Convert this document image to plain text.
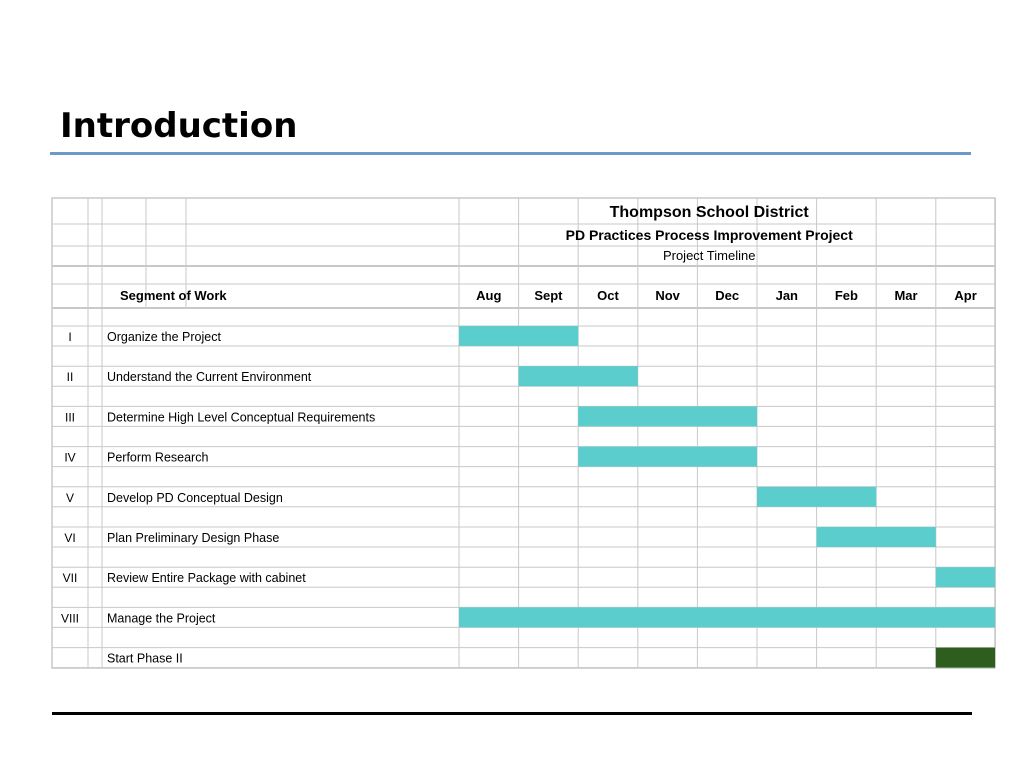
Introduction
Thompson School District
PD Practices Process Improvement Project
Project Timeline
Segment of Work	Aug	Sept	Oct	Nov	Dec	Jan	Feb	Mar	Apr
I	Organize the Project
II	Understand the Current Environment
III	Determine High Level Conceptual Requirements
IV	Perform Research
V	Develop PD Conceptual Design
VI	Plan Preliminary Design Phase
VII Review Entire Package with cabinet
VIII Manage the Project
Start Phase II
